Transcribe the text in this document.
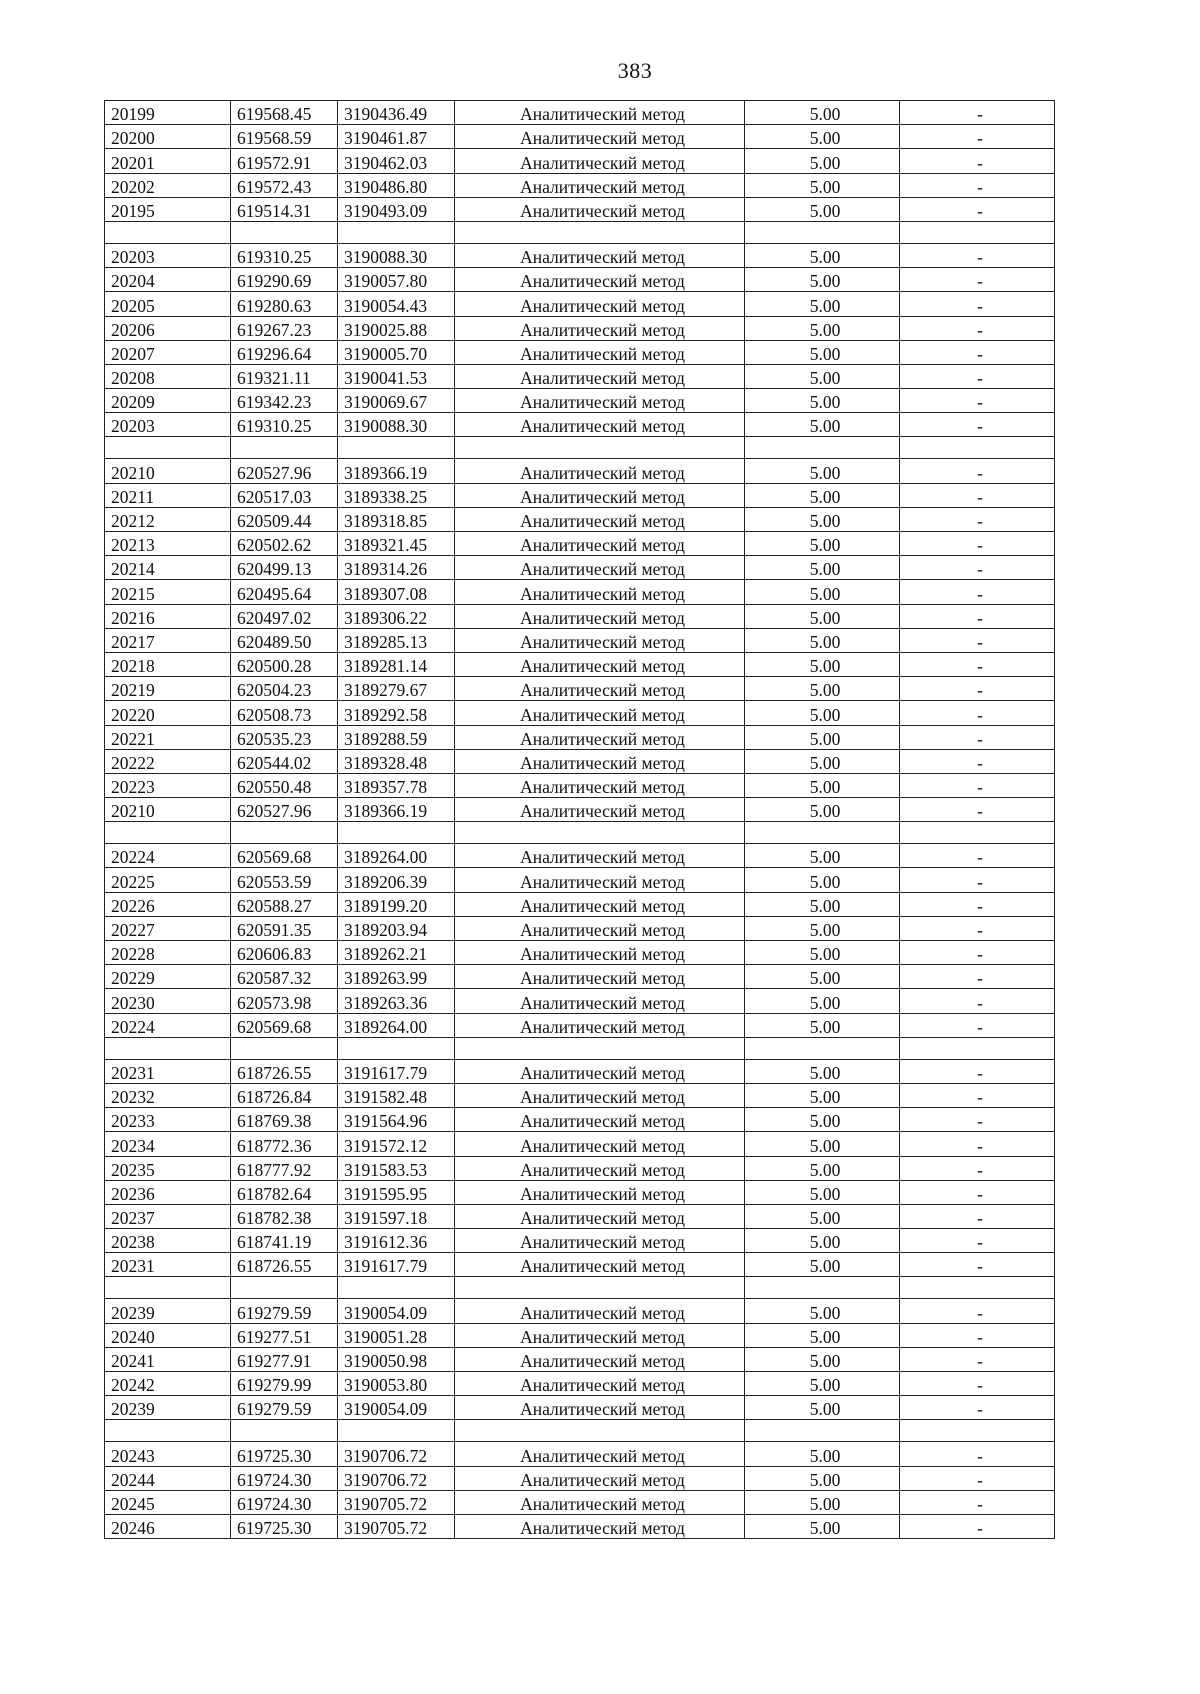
383
20199	619568.45	3190436.49	Аналитический метод	5.00	-
20200	619568.59	3190461.87	Аналитический метод	5.00	-
20201	619572.91	3190462.03	Аналитический метод	5.00	-
20202	619572.43	3190486.80	Аналитический метод	5.00	-
20195	619514.31	3190493.09	Аналитический метод	5.00	-

20203	619310.25	3190088.30	Аналитический метод	5.00	-
20204	619290.69	3190057.80	Аналитический метод	5.00	-
20205	619280.63	3190054.43	Аналитический метод	5.00	-
20206	619267.23	3190025.88	Аналитический метод	5.00	-
20207	619296.64	3190005.70	Аналитический метод	5.00	-
20208	619321.11	3190041.53	Аналитический метод	5.00	-
20209	619342.23	3190069.67	Аналитический метод	5.00	-
20203	619310.25	3190088.30	Аналитический метод	5.00	-

20210	620527.96	3189366.19	Аналитический метод	5.00	-
20211	620517.03	3189338.25	Аналитический метод	5.00	-
20212	620509.44	3189318.85	Аналитический метод	5.00	-
20213	620502.62	3189321.45	Аналитический метод	5.00	-
20214	620499.13	3189314.26	Аналитический метод	5.00	-
20215	620495.64	3189307.08	Аналитический метод	5.00	-
20216	620497.02	3189306.22	Аналитический метод	5.00	-
20217	620489.50	3189285.13	Аналитический метод	5.00	-
20218	620500.28	3189281.14	Аналитический метод	5.00	-
20219	620504.23	3189279.67	Аналитический метод	5.00	-
20220	620508.73	3189292.58	Аналитический метод	5.00	-
20221	620535.23	3189288.59	Аналитический метод	5.00	-
20222	620544.02	3189328.48	Аналитический метод	5.00	-
20223	620550.48	3189357.78	Аналитический метод	5.00	-
20210	620527.96	3189366.19	Аналитический метод	5.00	-

20224	620569.68	3189264.00	Аналитический метод	5.00	-
20225	620553.59	3189206.39	Аналитический метод	5.00	-
20226	620588.27	3189199.20	Аналитический метод	5.00	-
20227	620591.35	3189203.94	Аналитический метод	5.00	-
20228	620606.83	3189262.21	Аналитический метод	5.00	-
20229	620587.32	3189263.99	Аналитический метод	5.00	-
20230	620573.98	3189263.36	Аналитический метод	5.00	-
20224	620569.68	3189264.00	Аналитический метод	5.00	-

20231	618726.55	3191617.79	Аналитический метод	5.00	-
20232	618726.84	3191582.48	Аналитический метод	5.00	-
20233	618769.38	3191564.96	Аналитический метод	5.00	-
20234	618772.36	3191572.12	Аналитический метод	5.00	-
20235	618777.92	3191583.53	Аналитический метод	5.00	-
20236	618782.64	3191595.95	Аналитический метод	5.00	-
20237	618782.38	3191597.18	Аналитический метод	5.00	-
20238	618741.19	3191612.36	Аналитический метод	5.00	-
20231	618726.55	3191617.79	Аналитический метод	5.00	-

20239	619279.59	3190054.09	Аналитический метод	5.00	-
20240	619277.51	3190051.28	Аналитический метод	5.00	-
20241	619277.91	3190050.98	Аналитический метод	5.00	-
20242	619279.99	3190053.80	Аналитический метод	5.00	-
20239	619279.59	3190054.09	Аналитический метод	5.00	-

20243	619725.30	3190706.72	Аналитический метод	5.00	-
20244	619724.30	3190706.72	Аналитический метод	5.00	-
20245	619724.30	3190705.72	Аналитический метод	5.00	-
20246	619725.30	3190705.72	Аналитический метод	5.00	-
